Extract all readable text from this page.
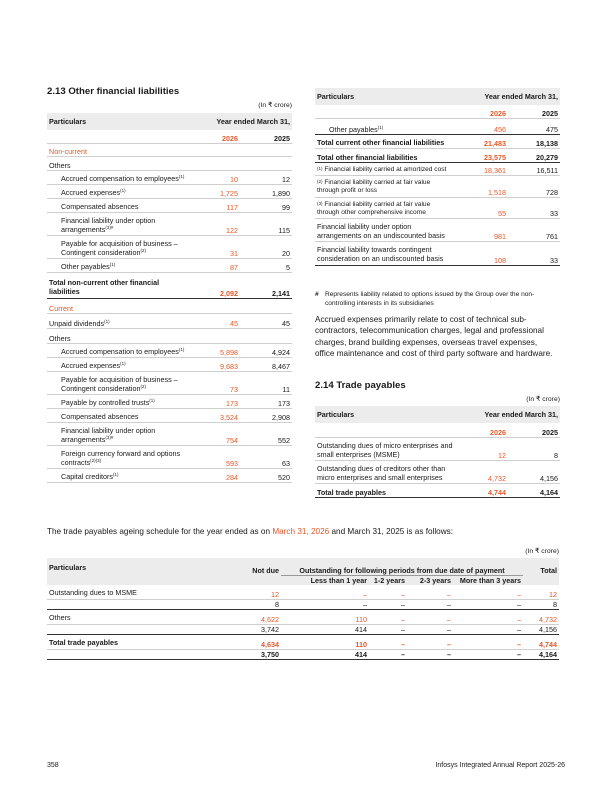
2.13 Other financial liabilities
(In ₹ crore)
Particulars	Year ended March 31,	
	2026	2025
Non-current		
Others		
Accrued compensation to employees$^{(1)}$	10	12
Accrued expenses$^{(1)}$	1,725	1,890
Compensated absences	117	99
Financial liability under option arrangements$^{(3)\#}$	122	115
Payable for acquisition of business – Contingent consideration$^{(2)}$	31	20
Other payables$^{(1)}$	87	5
Total non-current other financial liabilities	2,092	2,141
Current		
Unpaid dividends$^{(1)}$	45	45
Others		
Accrued compensation to employees$^{(1)}$	5,898	4,924
Accrued expenses$^{(1)}$	9,683	8,467
Payable for acquisition of business – Contingent consideration$^{(2)}$	73	11
Payable by controlled trusts$^{(1)}$	173	173
Compensated absences	3,524	2,908
Financial liability under option arrangements$^{(3)\#}$	754	552
Foreign currency forward and options contracts$^{(2)(3)}$	593	63
Capital creditors$^{(1)}$	284	520
Particulars	Year ended March 31,	
	2026	2025
Other payables$^{(1)}$	456	475
Total current other financial liabilities	21,483	18,138
Total other financial liabilities	23,575	20,279
$^{(1)}$ Financial liability carried at amortized cost	18,361	16,511
$^{(2)}$ Financial liability carried at fair value through profit or loss	1,518	728
$^{(3)}$ Financial liability carried at fair value through other comprehensive income	55	33
Financial liability under option arrangements on an undiscounted basis	981	761
Financial liability towards contingent consideration on an undiscounted basis	108	33
# Represents liability related to options issued by the Group over the non-controlling interests in its subsidiaries
Accrued expenses primarily relate to cost of technical sub-contractors, telecommunication charges, legal and professional charges, brand building expenses, overseas travel expenses, office maintenance and cost of third party software and hardware.
2.14 Trade payables
(In ₹ crore)
Particulars	Year ended March 31,	
	2026	2025
Outstanding dues of micro enterprises and small enterprises (MSME)	12	8
Outstanding dues of creditors other than micro enterprises and small enterprises	4,732	4,156
Total trade payables	4,744	4,164
The trade payables ageing schedule for the year ended as on March 31, 2026 and March 31, 2025 is as follows:
(In ₹ crore)
Particulars	Not due	Outstanding for following periods from due date of payment				Total
		Less than 1 year	1-2 years	2-3 years	More than 3 years	
Outstanding dues to MSME	12	–	–	–	–	12
	8	–	–	–	–	8
Others	4,622	110	–	–	–	4,732
	3,742	414	–	–	–	4,156
Total trade payables	4,634	110	–	–	–	4,744
	3,750	414	–	–	–	4,164
358	Infosys Integrated Annual Report 2025-26
